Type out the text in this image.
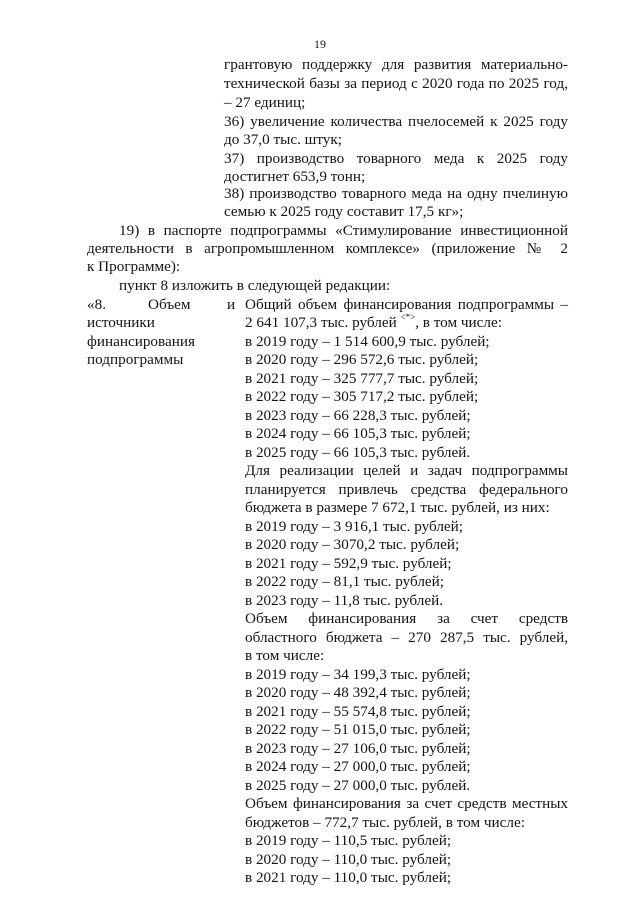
19
грантовую поддержку для развития материально-
технической базы за период с 2020 года по 2025 год,
– 27 единиц;
36) увеличение количества пчелосемей к 2025 году
до 37,0 тыс. штук;
37) производство товарного меда к 2025 году
достигнет 653,9 тонн;
38) производство товарного меда на одну пчелиную
семью к 2025 году составит 17,5 кг»;
19) в паспорте подпрограммы «Стимулирование инвестиционной
деятельности в агропромышленном комплексе» (приложение № 2
к Программе):
пункт 8 изложить в следующей редакции:
«8.	Объем и
источники
финансирования
подпрограммы
Общий объем финансирования подпрограммы –
2 641 107,3 тыс. рублей <*>, в том числе:
в 2019 году – 1 514 600,9 тыс. рублей;
в 2020 году – 296 572,6 тыс. рублей;
в 2021 году – 325 777,7 тыс. рублей;
в 2022 году – 305 717,2 тыс. рублей;
в 2023 году – 66 228,3 тыс. рублей;
в 2024 году – 66 105,3 тыс. рублей;
в 2025 году – 66 105,3 тыс. рублей.
Для реализации целей и задач подпрограммы
планируется привлечь средства федерального
бюджета в размере 7 672,1 тыс. рублей, из них:
в 2019 году – 3 916,1 тыс. рублей;
в 2020 году – 3070,2 тыс. рублей;
в 2021 году – 592,9 тыс. рублей;
в 2022 году – 81,1 тыс. рублей;
в 2023 году – 11,8 тыс. рублей.
Объем финансирования за счет средств
областного бюджета – 270 287,5 тыс. рублей,
в том числе:
в 2019 году – 34 199,3 тыс. рублей;
в 2020 году – 48 392,4 тыс. рублей;
в 2021 году – 55 574,8 тыс. рублей;
в 2022 году – 51 015,0 тыс. рублей;
в 2023 году – 27 106,0 тыс. рублей;
в 2024 году – 27 000,0 тыс. рублей;
в 2025 году – 27 000,0 тыс. рублей.
Объем финансирования за счет средств местных
бюджетов – 772,7 тыс. рублей, в том числе:
в 2019 году – 110,5 тыс. рублей;
в 2020 году – 110,0 тыс. рублей;
в 2021 году – 110,0 тыс. рублей;
